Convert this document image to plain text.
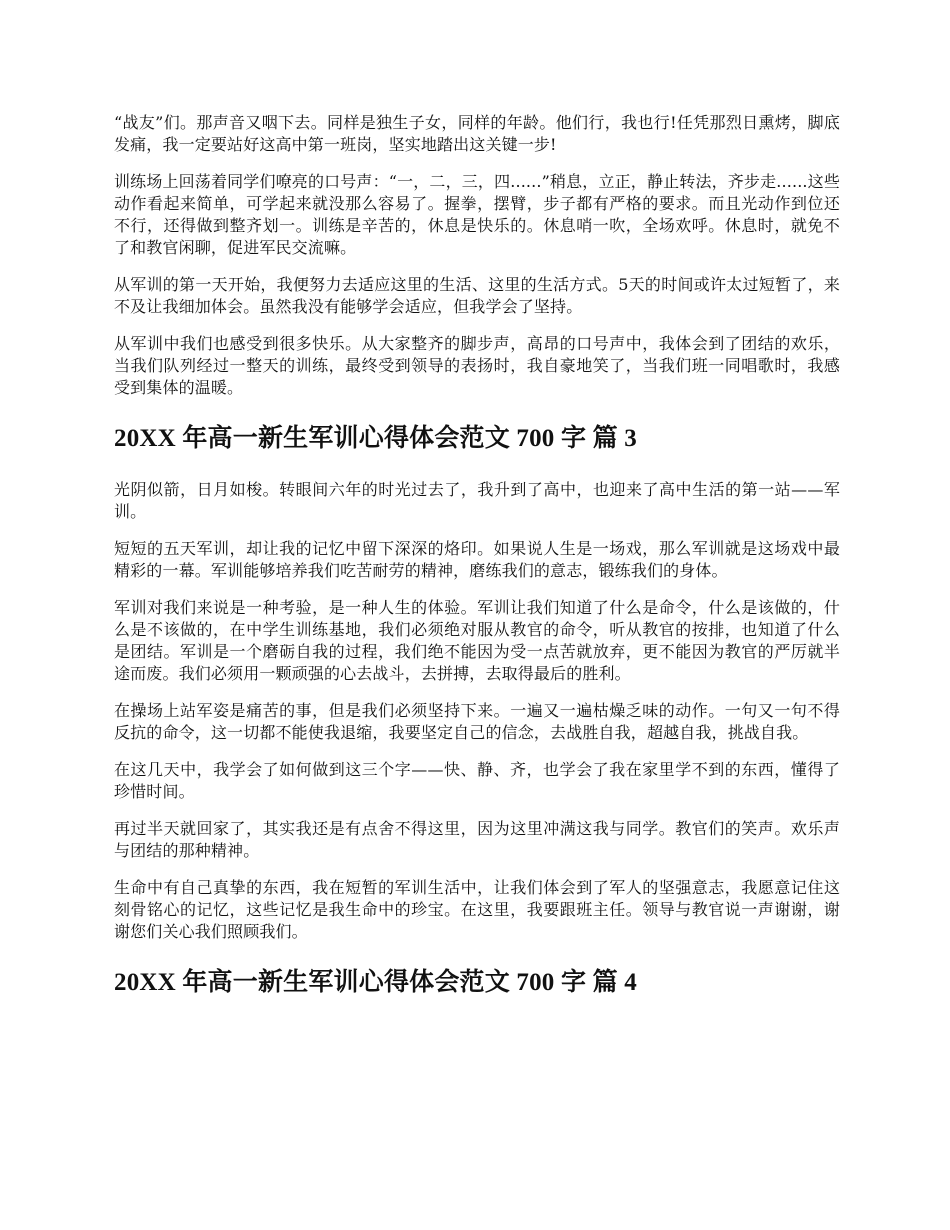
“战友”们。那声音又咽下去。同样是独生子女，同样的年龄。他们行，我也行!任凭那烈日熏烤，脚底发痛，我一定要站好这高中第一班岗，坚实地踏出这关键一步!

训练场上回荡着同学们嘹亮的口号声：“一，二，三，四......”稍息，立正，静止转法，齐步走......这些动作看起来简单，可学起来就没那么容易了。握拳，摆臂，步子都有严格的要求。而且光动作到位还不行，还得做到整齐划一。训练是辛苦的，休息是快乐的。休息哨一吹，全场欢呼。休息时，就免不了和教官闲聊，促进军民交流嘛。

从军训的第一天开始，我便努力去适应这里的生活、这里的生活方式。5天的时间或许太过短暂了，来不及让我细加体会。虽然我没有能够学会适应，但我学会了坚持。

从军训中我们也感受到很多快乐。从大家整齐的脚步声，高昂的口号声中，我体会到了团结的欢乐，当我们队列经过一整天的训练，最终受到领导的表扬时，我自豪地笑了，当我们班一同唱歌时，我感受到集体的温暖。

20XX 年高一新生军训心得体会范文 700 字 篇 3

光阴似箭，日月如梭。转眼间六年的时光过去了，我升到了高中，也迎来了高中生活的第一站——军训。

短短的五天军训，却让我的记忆中留下深深的烙印。如果说人生是一场戏，那么军训就是这场戏中最精彩的一幕。军训能够培养我们吃苦耐劳的精神，磨练我们的意志，锻练我们的身体。

军训对我们来说是一种考验，是一种人生的体验。军训让我们知道了什么是命令，什么是该做的，什么是不该做的，在中学生训练基地，我们必须绝对服从教官的命令，听从教官的按排，也知道了什么是团结。军训是一个磨砺自我的过程，我们绝不能因为受一点苦就放弃，更不能因为教官的严厉就半途而废。我们必须用一颗顽强的心去战斗，去拼搏，去取得最后的胜利。

在操场上站军姿是痛苦的事，但是我们必须坚持下来。一遍又一遍枯燥乏味的动作。一句又一句不得反抗的命令，这一切都不能使我退缩，我要坚定自己的信念，去战胜自我，超越自我，挑战自我。

在这几天中，我学会了如何做到这三个字——快、静、齐，也学会了我在家里学不到的东西，懂得了珍惜时间。

再过半天就回家了，其实我还是有点舍不得这里，因为这里冲满这我与同学。教官们的笑声。欢乐声与团结的那种精神。

生命中有自己真挚的东西，我在短暂的军训生活中，让我们体会到了军人的坚强意志，我愿意记住这刻骨铭心的记忆，这些记忆是我生命中的珍宝。在这里，我要跟班主任。领导与教官说一声谢谢，谢谢您们关心我们照顾我们。

20XX 年高一新生军训心得体会范文 700 字 篇 4
